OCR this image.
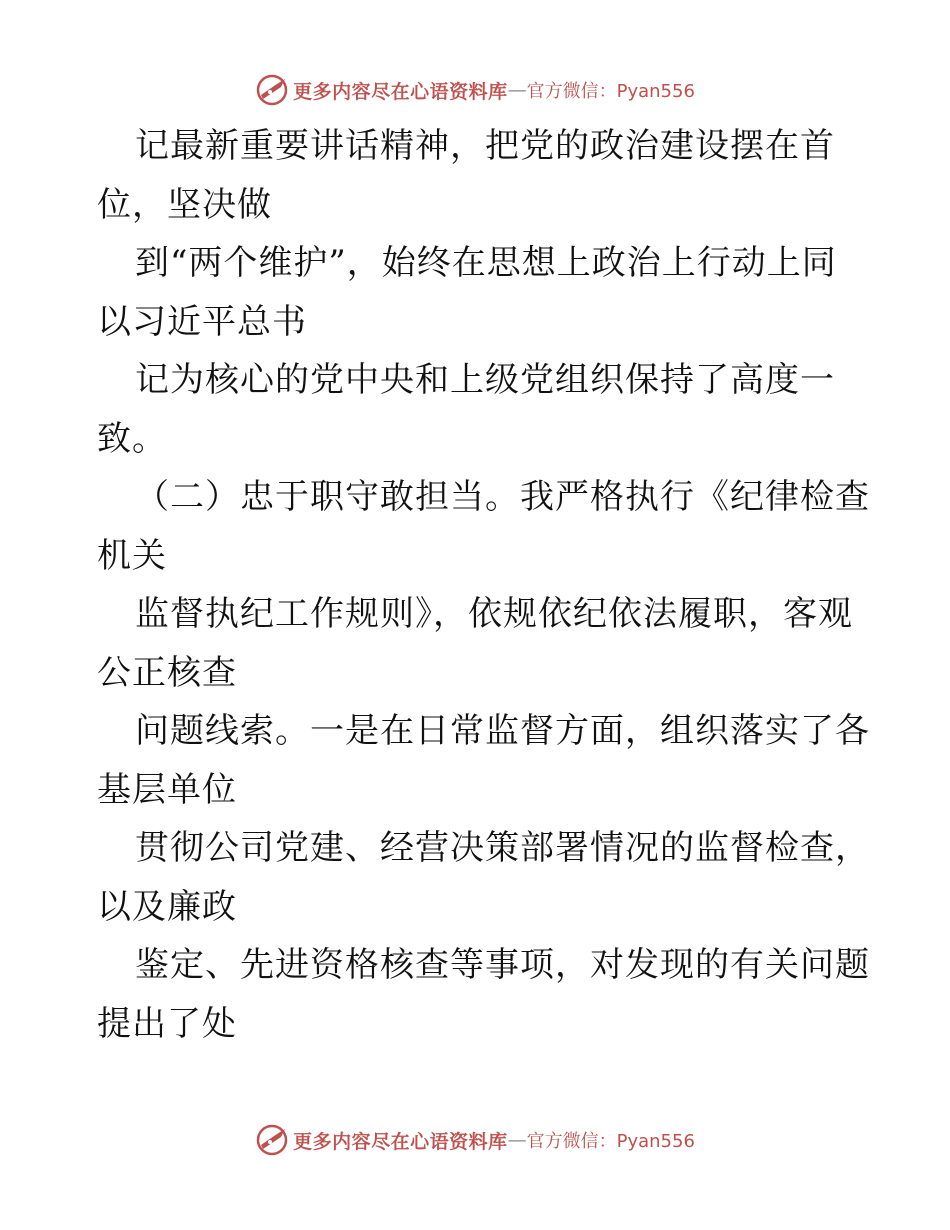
更多内容尽在心语资料库 — 官方微信：Pyan556
记最新重要讲话精神，把党的政治建设摆在首
位，坚决做
到“两个维护”，始终在思想上政治上行动上同
以习近平总书
记为核心的党中央和上级党组织保持了高度一
致。
（二）忠于职守敢担当。我严格执行《纪律检查
机关
监督执纪工作规则》，依规依纪依法履职，客观
公正核查
问题线索。一是在日常监督方面，组织落实了各
基层单位
贯彻公司党建、经营决策部署情况的监督检查，
以及廉政
鉴定、先进资格核查等事项，对发现的有关问题
提出了处
更多内容尽在心语资料库 — 官方微信：Pyan556
